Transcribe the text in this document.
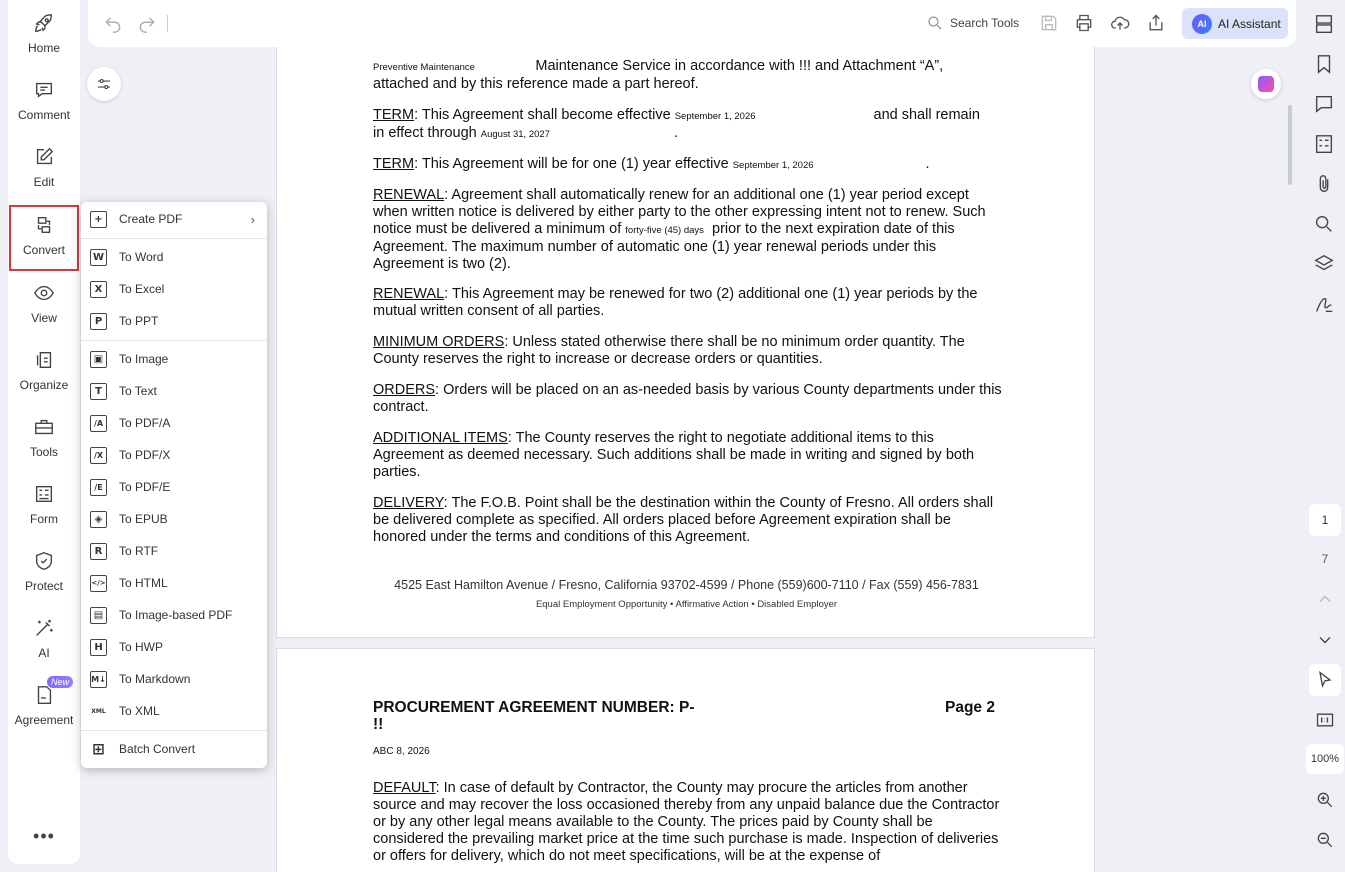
Home
Comment
Edit
Convert
View
Organize
Tools
Form
Protect
AI
New
Agreement
•••
Search Tools	AI AI Assistant

Preventive Maintenance	Maintenance Service in accordance with !!! and Attachment “A”,
attached and by this reference made a part hereof.

TERM: This Agreement shall become effective September 1, 2026	and shall remain
in effect through August 31, 2027	.

TERM: This Agreement will be for one (1) year effective September 1, 2026	.

RENEWAL: Agreement shall automatically renew for an additional one (1) year period except when written notice is delivered by either party to the other expressing intent not to renew. Such notice must be delivered a minimum of forty-five (45) days prior to the next expiration date of this Agreement. The maximum number of automatic one (1) year renewal periods under this Agreement is two (2).

RENEWAL: This Agreement may be renewed for two (2) additional one (1) year periods by the mutual written consent of all parties.

MINIMUM ORDERS: Unless stated otherwise there shall be no minimum order quantity. The County reserves the right to increase or decrease orders or quantities.

ORDERS: Orders will be placed on an as-needed basis by various County departments under this contract.

ADDITIONAL ITEMS: The County reserves the right to negotiate additional items to this Agreement as deemed necessary. Such additions shall be made in writing and signed by both parties.

DELIVERY: The F.O.B. Point shall be the destination within the County of Fresno. All orders shall be delivered complete as specified. All orders placed before Agreement expiration shall be honored under the terms and conditions of this Agreement.

4525 East Hamilton Avenue / Fresno, California 93702-4599 / Phone (559)600-7110 / Fax (559) 456-7831
Equal Employment Opportunity • Affirmative Action • Disabled Employer

PROCUREMENT AGREEMENT NUMBER: P-
!!

Page 2

ABC 8, 2026

DEFAULT: In case of default by Contractor, the County may procure the articles from another source and may recover the loss occasioned thereby from any unpaid balance due the Contractor or by any other legal means available to the County. The prices paid by County shall be considered the prevailing market price at the time such purchase is made. Inspection of deliveries or offers for delivery, which do not meet specifications, will be at the expense of

+	Create PDF	›
W To Word
X	To Excel
P	To PPT
▣	To Image
T	To Text
/A	To PDF/A
/X	To PDF/X
/E	To PDF/E
◈	To EPUB
R	To RTF
</> To HTML
▤	To Image-based PDF
H	To HWP
M↓ To Markdown
XML To XML
⊞ Batch Convert
1
7
100%
